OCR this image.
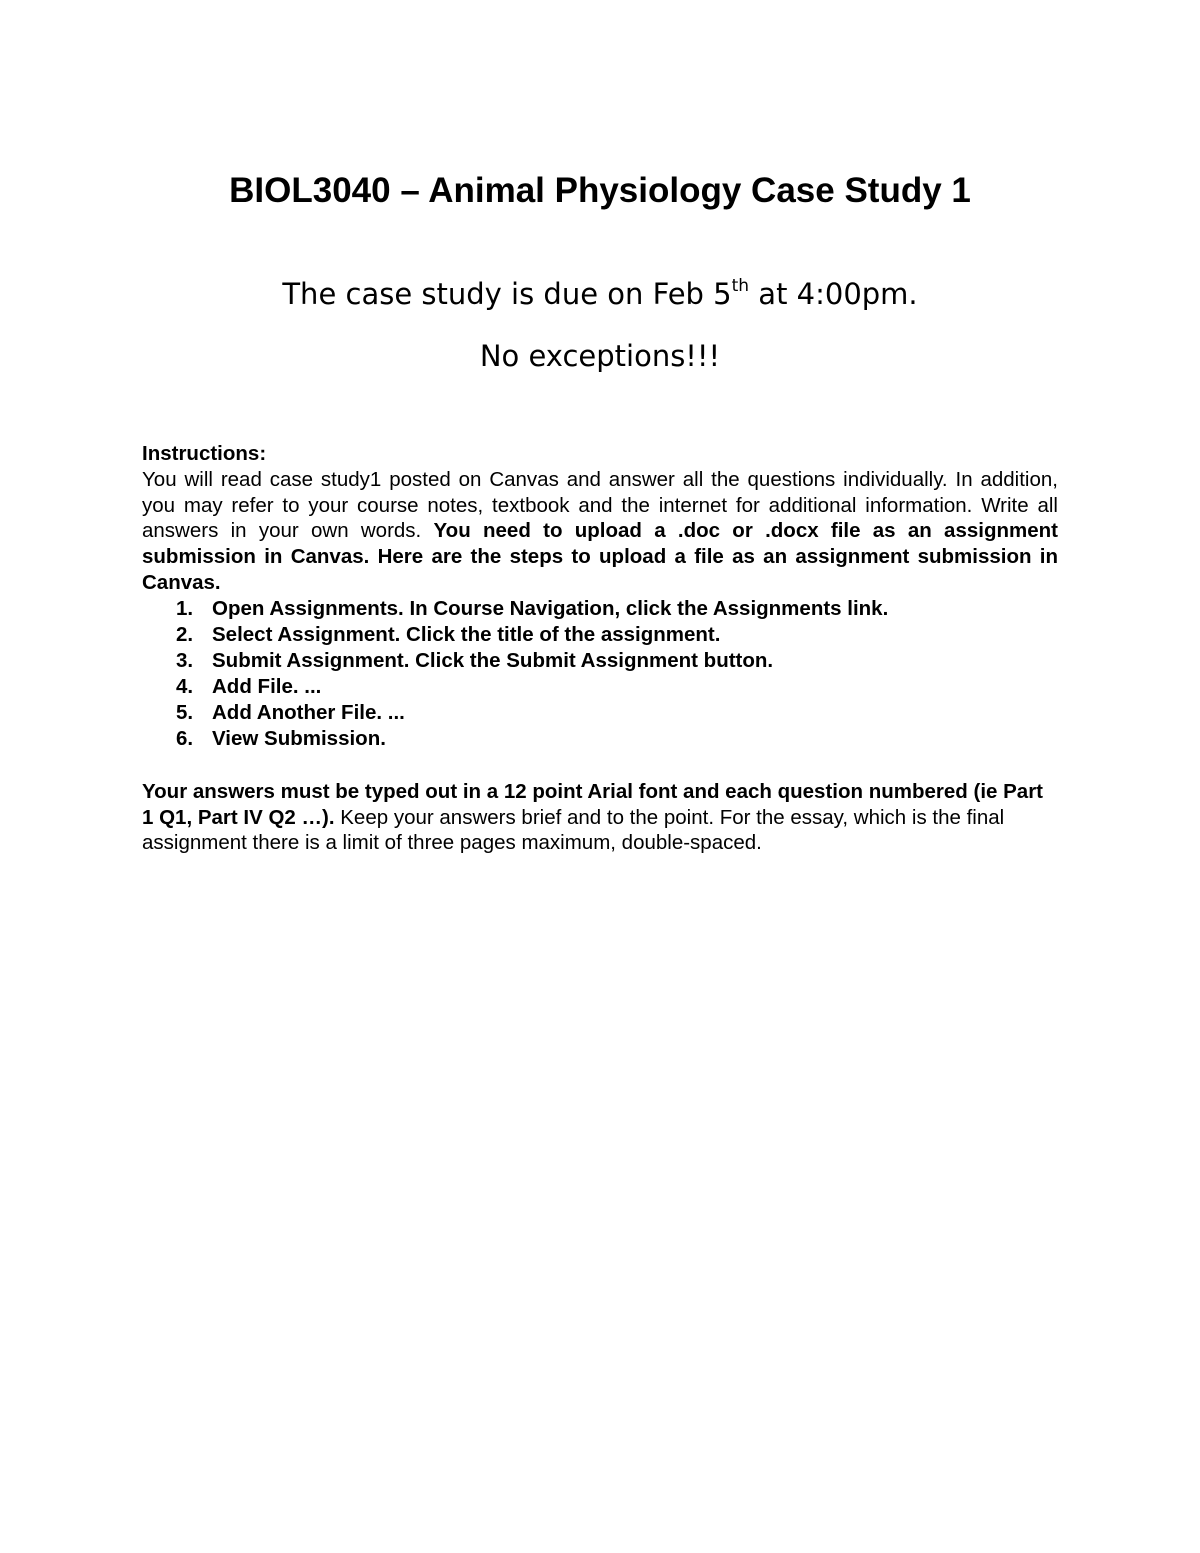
BIOL3040 – Animal Physiology Case Study 1
The case study is due on Feb 5th at 4:00pm.
No exceptions!!!
Instructions:

You will read case study1 posted on Canvas and answer all the questions individually. In addition, you may refer to your course notes, textbook and the internet for additional information. Write all answers in your own words. You need to upload a .doc or .docx file as an assignment submission in Canvas. Here are the steps to upload a file as an assignment submission in Canvas.

1. Open Assignments. In Course Navigation, click the Assignments link.
2. Select Assignment. Click the title of the assignment.
3. Submit Assignment. Click the Submit Assignment button.
4. Add File. ...
5. Add Another File. ...
6. View Submission.

Your answers must be typed out in a 12 point Arial font and each question numbered (ie Part 1 Q1, Part IV Q2 …). Keep your answers brief and to the point. For the essay, which is the final assignment there is a limit of three pages maximum, double-spaced.
